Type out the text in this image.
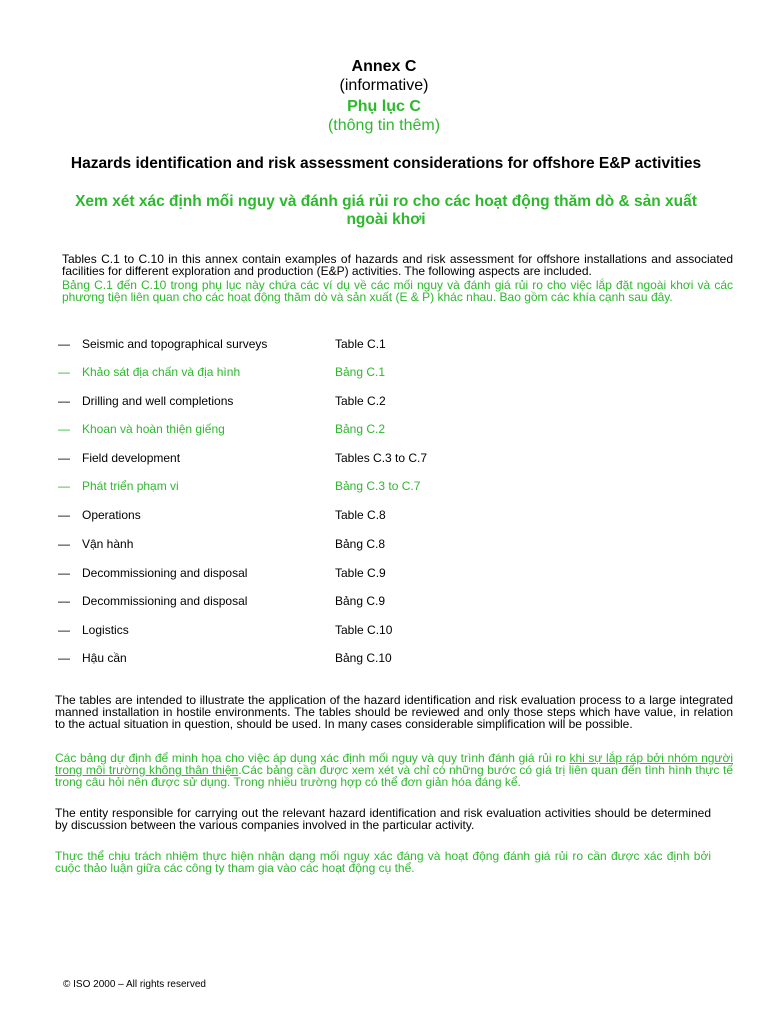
Annex C
(informative)
Phụ lục C
(thông tin thêm)
Hazards identification and risk assessment considerations for offshore E&P activities
Xem xét xác định mối nguy và đánh giá rủi ro cho các hoạt động thăm dò & sản xuất ngoài khơi
Tables C.1 to C.10 in this annex contain examples of hazards and risk assessment for offshore installations and associated facilities for different exploration and production (E&P) activities. The following aspects are included.
Bảng C.1 đến C.10 trong phụ lục này chứa các ví dụ về các mối nguy và đánh giá rủi ro cho việc lắp đặt ngoài khơi và các phương tiện liên quan cho các hoạt động thăm dò và sản xuất (E & P) khác nhau. Bao gồm các khía cạnh sau đây.
— Seismic and topographical surveys	Table C.1
— Khảo sát địa chấn và địa hình	Bảng C.1
— Drilling and well completions	Table C.2
— Khoan và hoàn thiện giếng	Bảng C.2
— Field development	Tables C.3 to C.7
— Phát triển phạm vi	Bảng C.3 to C.7
— Operations	Table C.8
— Vận hành	Bảng C.8
— Decommissioning and disposal	Table C.9
— Decommissioning and disposal	Bảng C.9
— Logistics	Table C.10
— Hậu cần	Bảng C.10
The tables are intended to illustrate the application of the hazard identification and risk evaluation process to a large integrated manned installation in hostile environments. The tables should be reviewed and only those steps which have value, in relation to the actual situation in question, should be used. In many cases considerable simplification will be possible.
Các bảng dự định để minh họa cho việc áp dụng xác định mối nguy và quy trình đánh giá rủi ro khi sự lắp ráp bởi nhóm người trong môi trường không thân thiện.Các bảng cần được xem xét và chỉ có những bước có giá trị liên quan đến tình hình thực tế trong câu hỏi nên được sử dụng. Trong nhiều trường hợp có thể đơn giản hóa đáng kể.
The entity responsible for carrying out the relevant hazard identification and risk evaluation activities should be determined by discussion between the various companies involved in the particular activity.
Thực thể chịu trách nhiệm thực hiện nhận dạng mối nguy xác đáng và hoạt động đánh giá rủi ro cần được xác định bởi cuộc thảo luận giữa các công ty tham gia vào các hoạt động cụ thể.
© ISO 2000 – All rights reserved
